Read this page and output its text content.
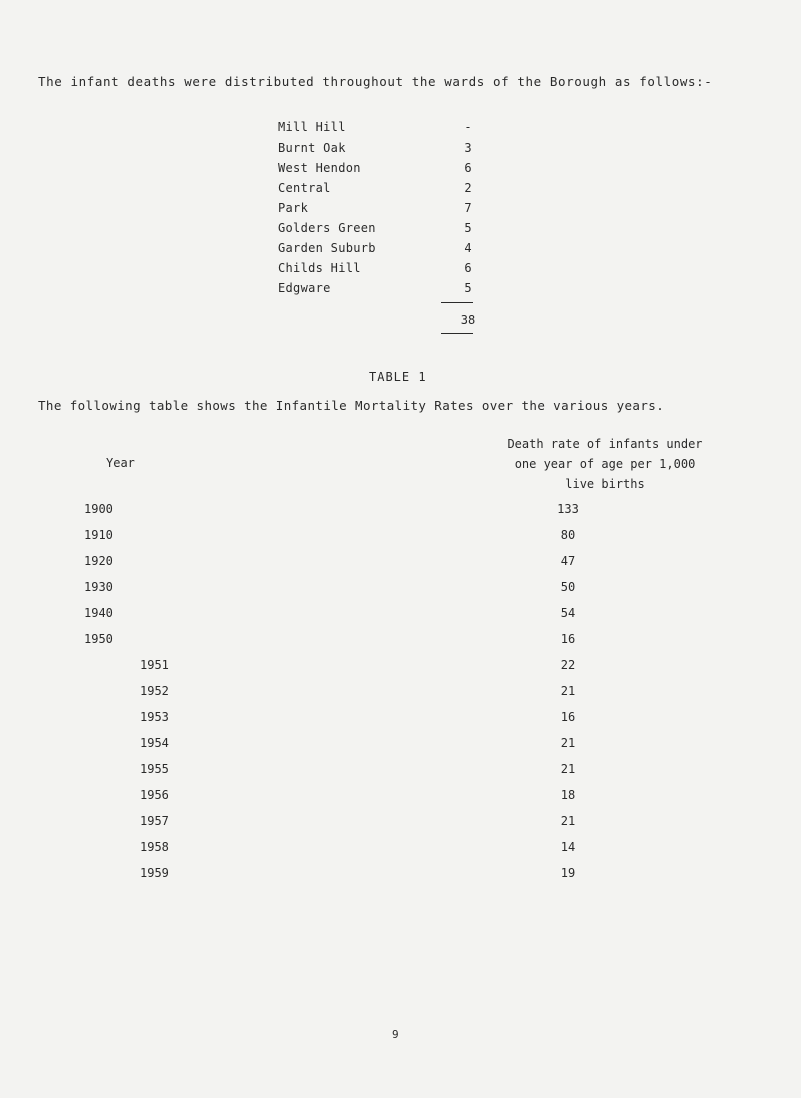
The infant deaths were distributed throughout the wards of the Borough as follows:-
Mill Hill	-
Burnt Oak	3
West Hendon	6
Central	2
Park	7
Golders Green	5
Garden Suburb	4
Childs Hill	6
Edgware	5
38
TABLE 1
The following table shows the Infantile Mortality Rates over the various years.
Year
Death rate of infants under
one year of age per 1,000
live births
1900	133
1910	80
1920	47
1930	50
1940	54
1950	16
1951	22
1952	21
1953	16
1954	21
1955	21
1956	18
1957	21
1958	14
1959	19
9
